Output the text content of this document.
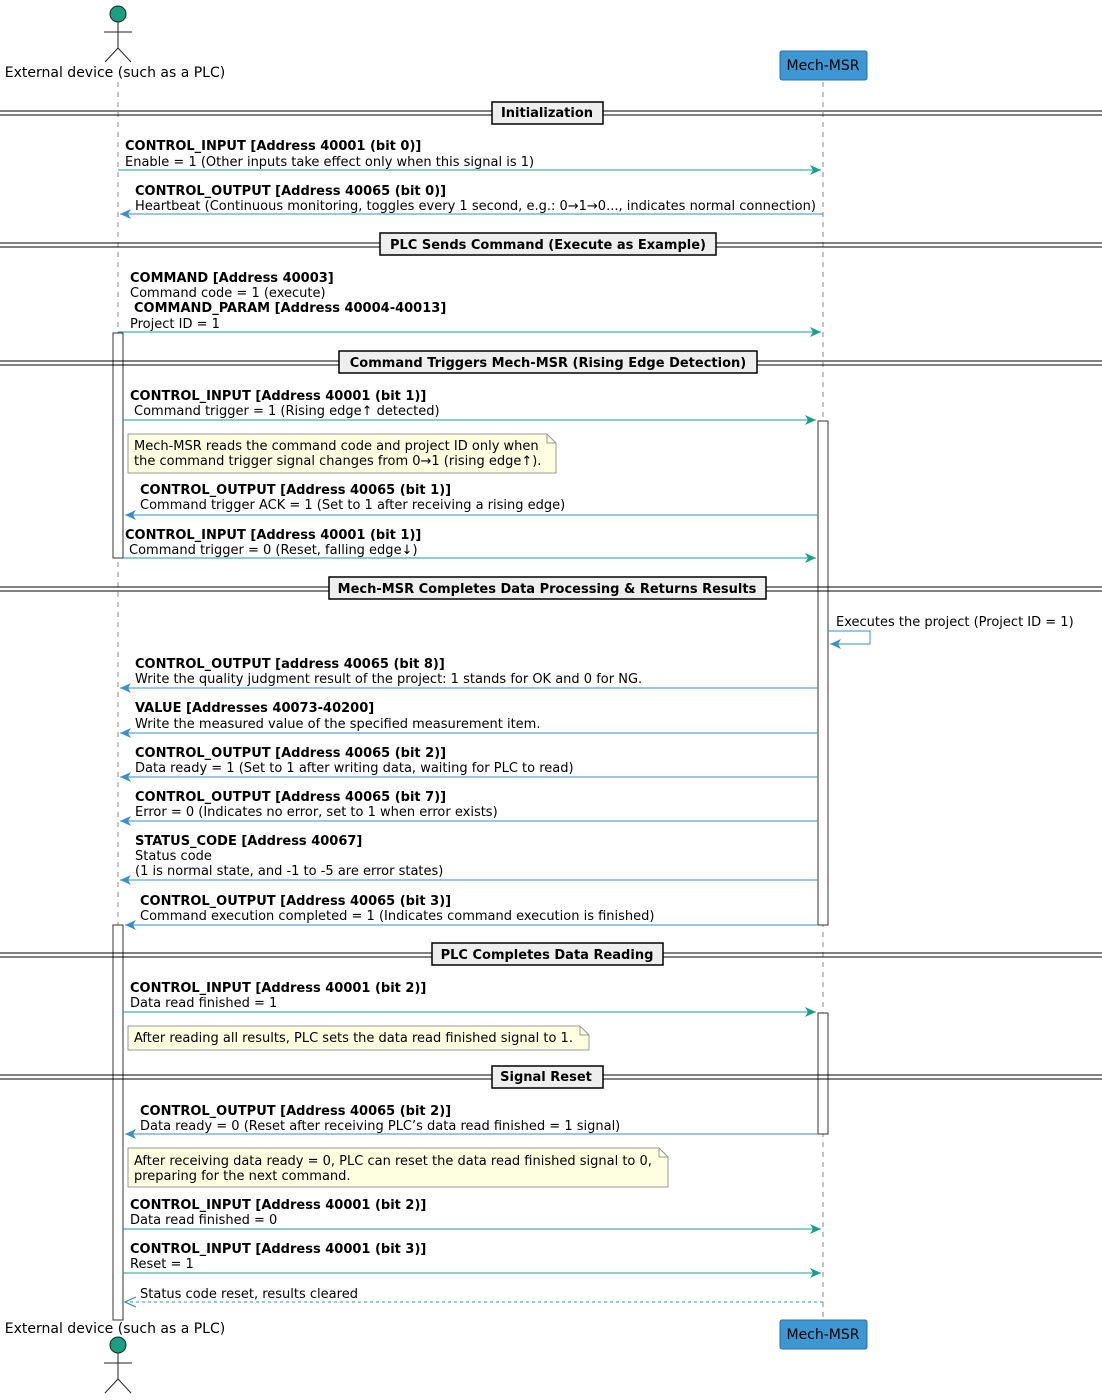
External device (such as a PLC)	Mech-MSR
Initialization
CONTROL_INPUT [Address 40001 (bit 0)]
Enable = 1 (Other inputs take effect only when this signal is 1)
CONTROL_OUTPUT [Address 40065 (bit 0)]
Heartbeat (Continuous monitoring, toggles every 1 second, e.g.: 0→1→0..., indicates normal connection)
PLC Sends Command (Execute as Example)
COMMAND [Address 40003]
Command code = 1 (execute)
COMMAND_PARAM [Address 40004-40013]
Project ID = 1
Command Triggers Mech-MSR (Rising Edge Detection)
CONTROL_INPUT [Address 40001 (bit 1)]
Command trigger = 1 (Rising edge↑ detected)
Mech-MSR reads the command code and project ID only when
the command trigger signal changes from 0→1 (rising edge↑).
CONTROL_OUTPUT [Address 40065 (bit 1)]
Command trigger ACK = 1 (Set to 1 after receiving a rising edge)
CONTROL_INPUT [Address 40001 (bit 1)]
Command trigger = 0 (Reset, falling edge↓)
Mech-MSR Completes Data Processing & Returns Results
Executes the project (Project ID = 1)
CONTROL_OUTPUT [address 40065 (bit 8)]
Write the quality judgment result of the project: 1 stands for OK and 0 for NG.
VALUE [Addresses 40073-40200]
Write the measured value of the specified measurement item.
CONTROL_OUTPUT [Address 40065 (bit 2)]
Data ready = 1 (Set to 1 after writing data, waiting for PLC to read)
CONTROL_OUTPUT [Address 40065 (bit 7)]
Error = 0 (Indicates no error, set to 1 when error exists)
STATUS_CODE [Address 40067]
Status code
(1 is normal state, and -1 to -5 are error states)
CONTROL_OUTPUT [Address 40065 (bit 3)]
Command execution completed = 1 (Indicates command execution is finished)
PLC Completes Data Reading
CONTROL_INPUT [Address 40001 (bit 2)]
Data read finished = 1
After reading all results, PLC sets the data read finished signal to 1.
Signal Reset
CONTROL_OUTPUT [Address 40065 (bit 2)]
Data ready = 0 (Reset after receiving PLC’s data read finished = 1 signal)
After receiving data ready = 0, PLC can reset the data read finished signal to 0,
preparing for the next command.
CONTROL_INPUT [Address 40001 (bit 2)]
Data read finished = 0
CONTROL_INPUT [Address 40001 (bit 3)]
Reset = 1
Status code reset, results cleared
External device (such as a PLC)	Mech-MSR
